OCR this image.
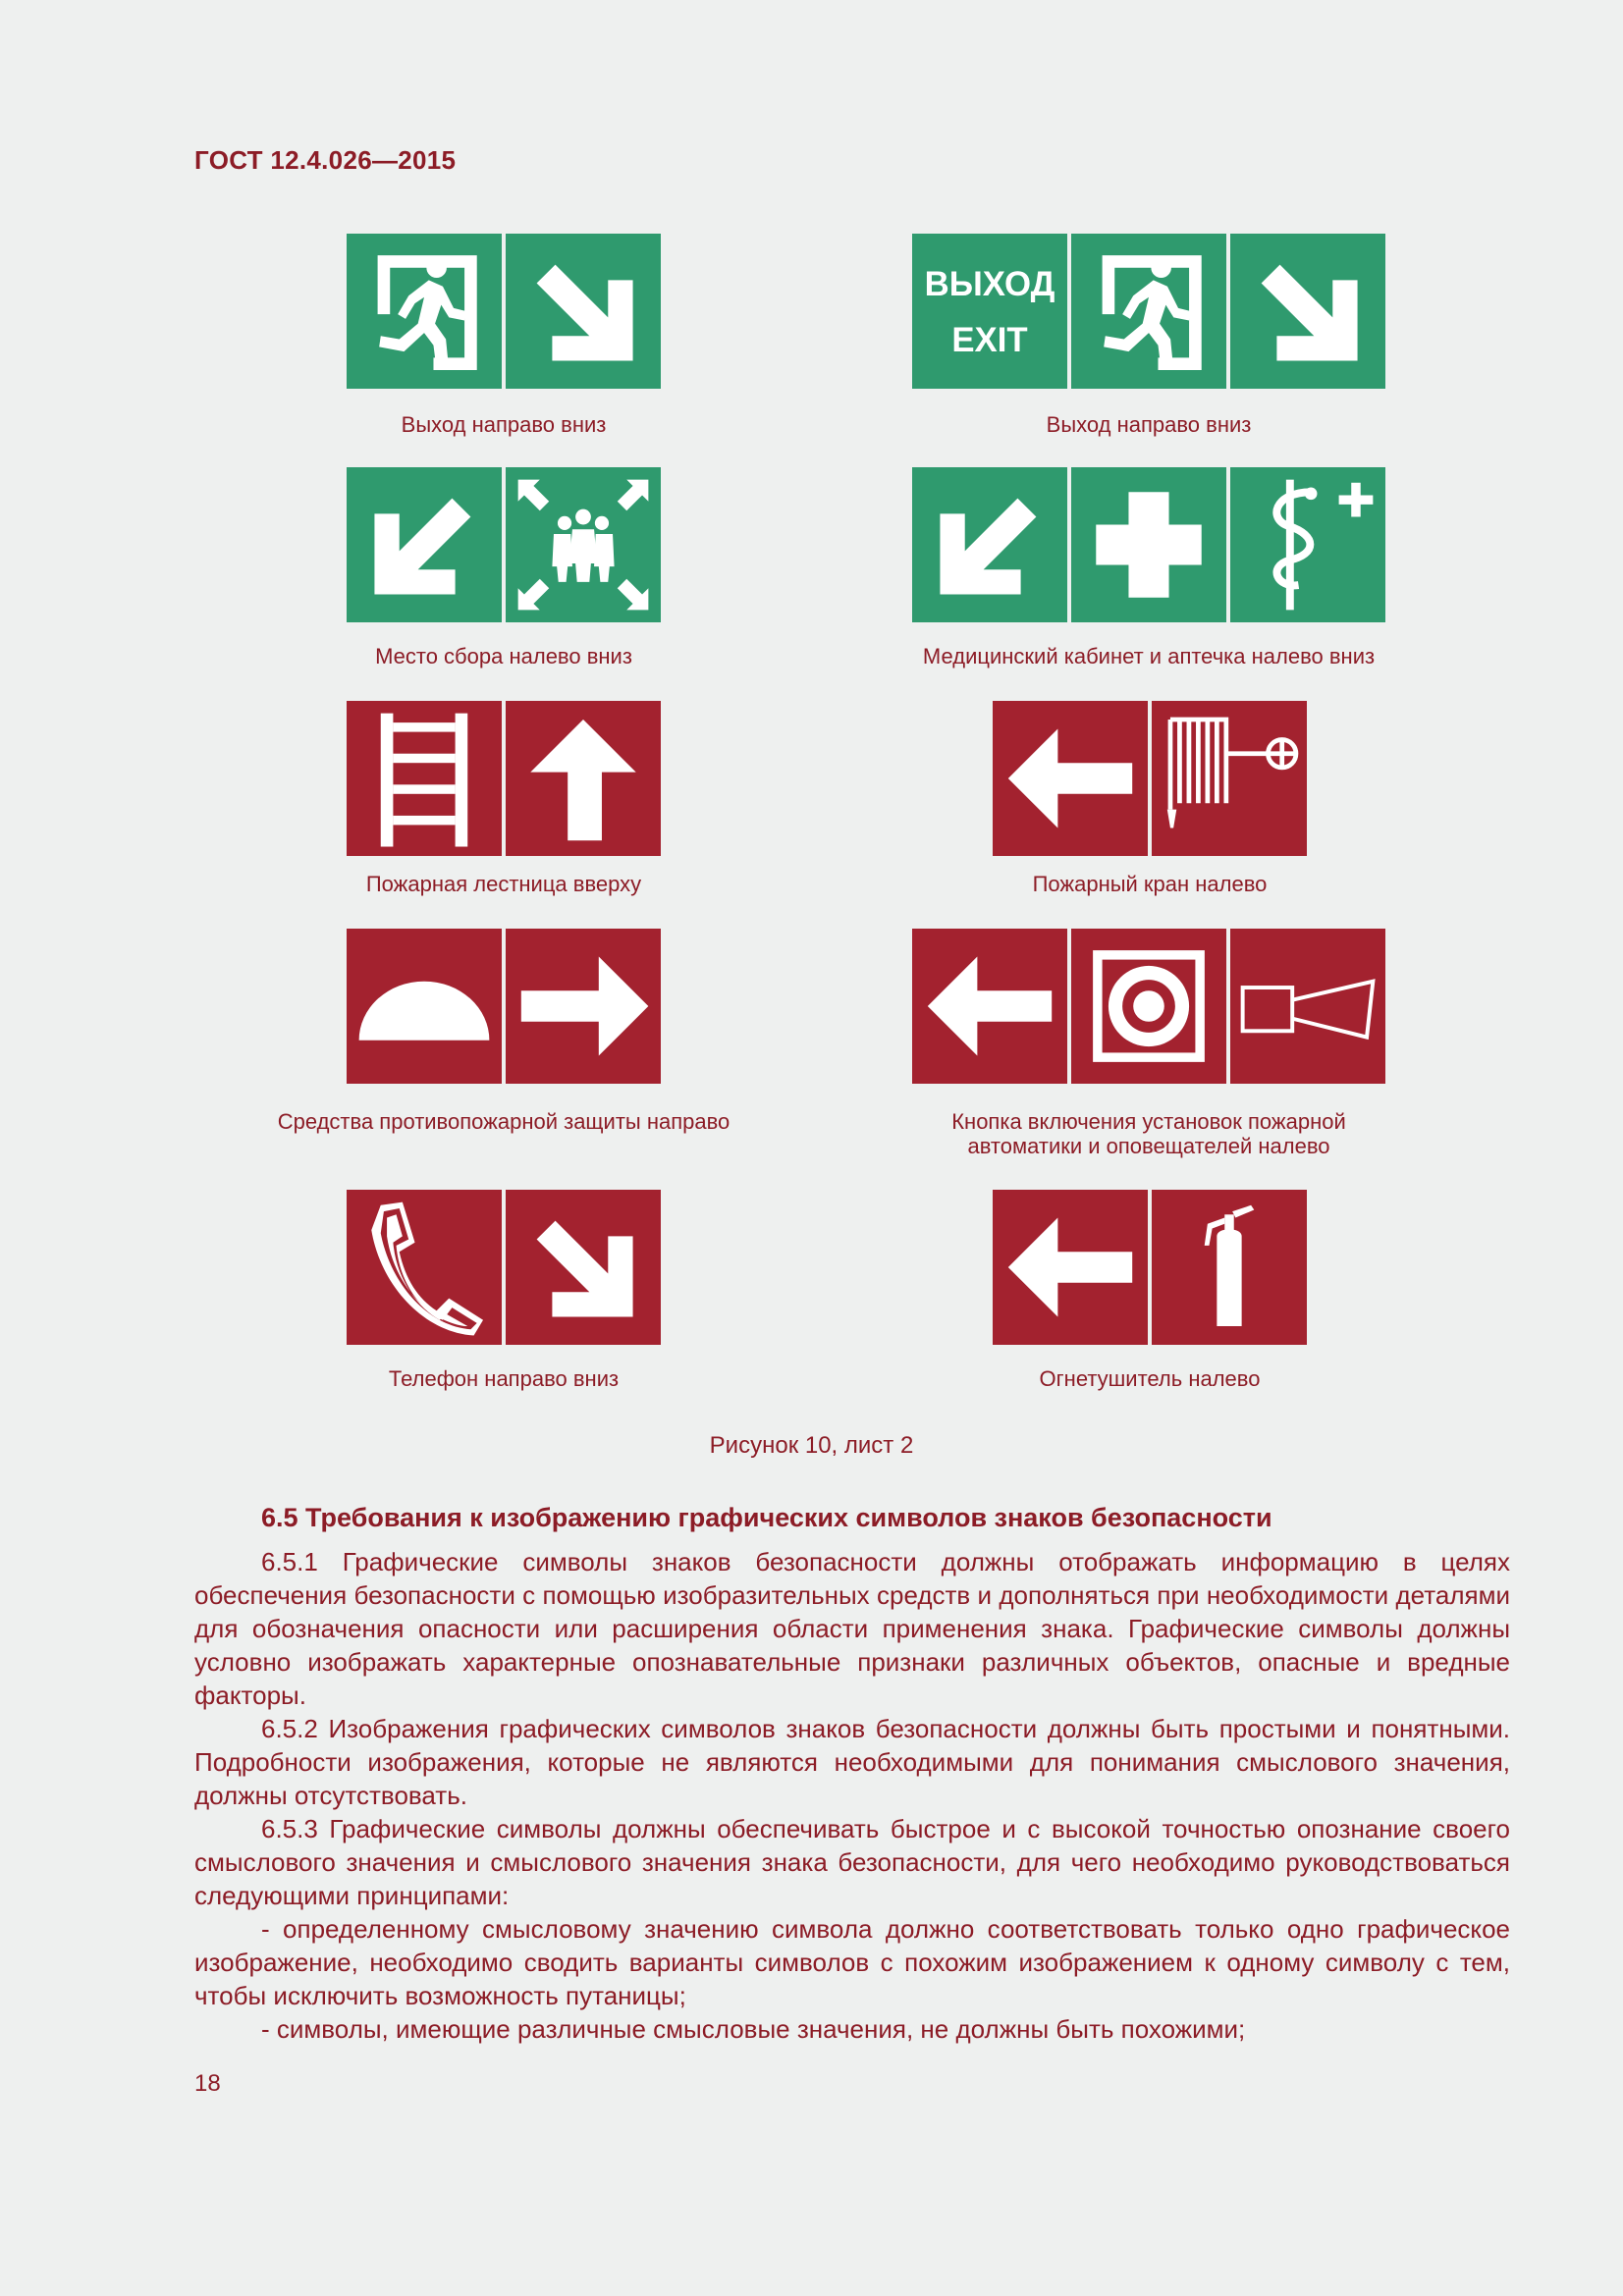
ГОСТ 12.4.026—2015
Выход направо вниз
ВЫХОД
EXIT
Выход направо вниз
Место сбора налево вниз	Медицинский кабинет и аптечка налево вниз
Пожарная лестница вверху	Пожарный кран налево
Средства противопожарной защиты направо	Кнопка включения установок пожарной
автоматики и оповещателей налево
Телефон направо вниз	Огнетушитель налево
Рисунок 10, лист 2
6.5 Требования к изображению графических символов знаков безопасности

6.5.1 Графические символы знаков безопасности должны отображать информацию в целях обеспечения безопасности с помощью изобразительных средств и дополняться при необходимости деталями для обозначения опасности или расширения области применения знака. Графические символы должны условно изображать характерные опознавательные признаки различных объектов, опасные и вредные факторы.

6.5.2 Изображения графических символов знаков безопасности должны быть простыми и понятными. Подробности изображения, которые не являются необходимыми для понимания смыслового значения, должны отсутствовать.

6.5.3 Графические символы должны обеспечивать быстрое и с высокой точностью опознание своего смыслового значения и смыслового значения знака безопасности, для чего необходимо руководствоваться следующими принципами:

- определенному смысловому значению символа должно соответствовать только одно графическое изображение, необходимо сводить варианты символов с похожим изображением к одному символу с тем, чтобы исключить возможность путаницы;

- символы, имеющие различные смысловые значения, не должны быть похожими;

18
